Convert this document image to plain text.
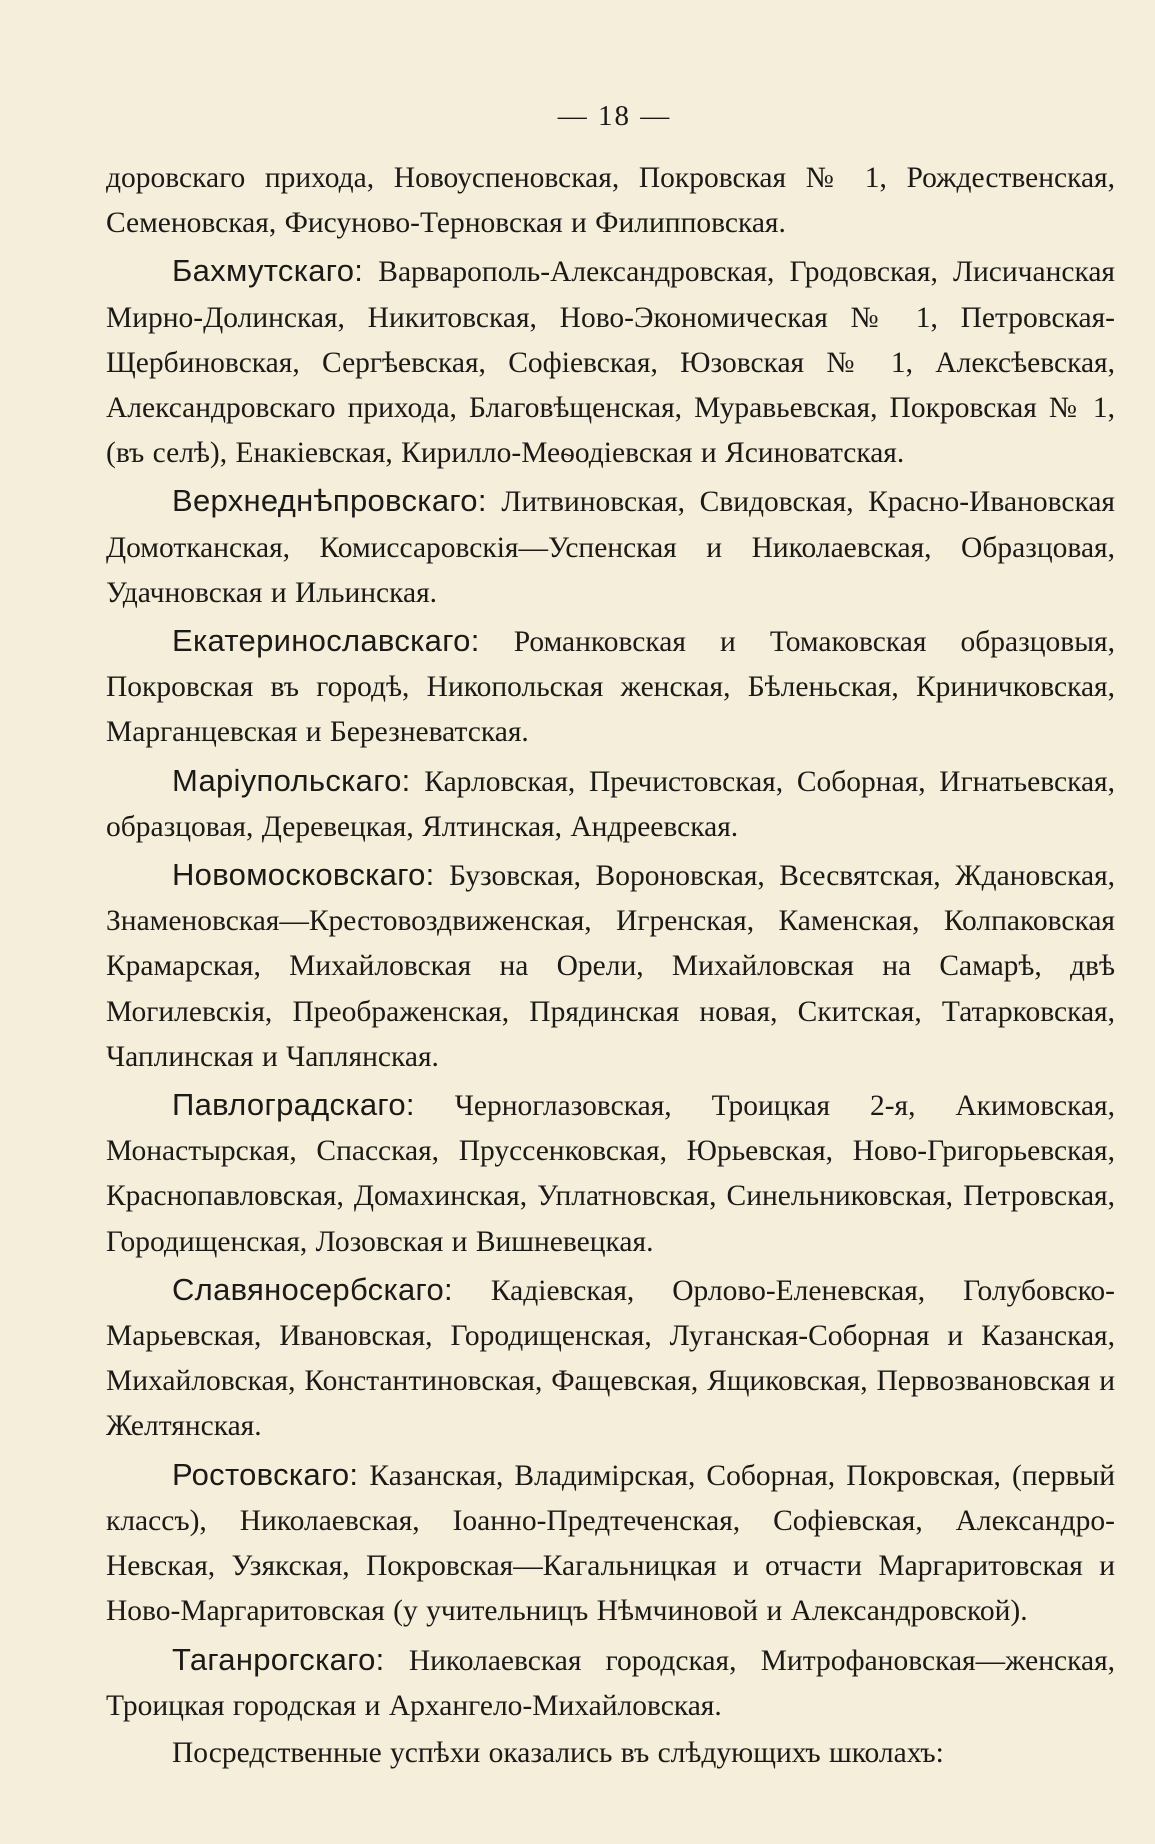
— 18 —

доровскаго прихода, Новоуспеновская, Покровская № 1, Рождественская, Семеновская, Фисуново-Терновская и Филипповская.

Бахмутскаго: Варварополь-Александровская, Гродовская, Лисичанская Мирно-Долинская, Никитовская, Ново-Экономическая № 1, Петровская-Щербиновская, Сергѣевская, Софіевская, Юзовская № 1, Алексѣевская, Александровскаго прихода, Благовѣщенская, Муравьевская, Покровская № 1, (въ селѣ), Енакіевская, Кирилло-Меѳодіевская и Ясиноватская.

Верхнеднѣпровскаго: Литвиновская, Свидовская, Красно-Ивановская Домотканская, Комиссаровскія—Успенская и Николаевская, Образцовая, Удачновская и Ильинская.

Екатеринославскаго: Романковская и Томаковская образцовыя, Покровская въ городѣ, Никопольская женская, Бѣленьская, Криничковская, Марганцевская и Березневатская.

Маріупольскаго: Карловская, Пречистовская, Соборная, Игнатьевская, образцовая, Деревецкая, Ялтинская, Андреевская.

Новомосковскаго: Бузовская, Вороновская, Всесвятская, Ждановская, Знаменовская—Крестовоздвиженская, Игренская, Каменская, Колпаковская Крамарская, Михайловская на Орели, Михайловская на Самарѣ, двѣ Могилевскія, Преображенская, Прядинская новая, Скитская, Татарковская, Чаплинская и Чаплянская.

Павлоградскаго: Черноглазовская, Троицкая 2-я, Акимовская, Монастырская, Спасская, Пруссенковская, Юрьевская, Ново-Григорьевская, Краснопавловская, Домахинская, Уплатновская, Синельниковская, Петровская, Городищенская, Лозовская и Вишневецкая.

Славяносербскаго: Кадіевская, Орлово-Еленевская, Голубовско-Марьевская, Ивановская, Городищенская, Луганская-Соборная и Казанская, Михайловская, Константиновская, Фащевская, Ящиковская, Первозвановская и Желтянская.

Ростовскаго: Казанская, Владимірская, Соборная, Покровская, (первый классъ), Николаевская, Іоанно-Предтеченская, Софіевская, Александро-Невская, Узякская, Покровская—Кагальницкая и отчасти Маргаритовская и Ново-Маргаритовская (у учительницъ Нѣмчиновой и Александровской).

Таганрогскаго: Николаевская городская, Митрофановская—женская, Троицкая городская и Архангело-Михайловская.

Посредственные успѣхи оказались въ слѣдующихъ школахъ:
